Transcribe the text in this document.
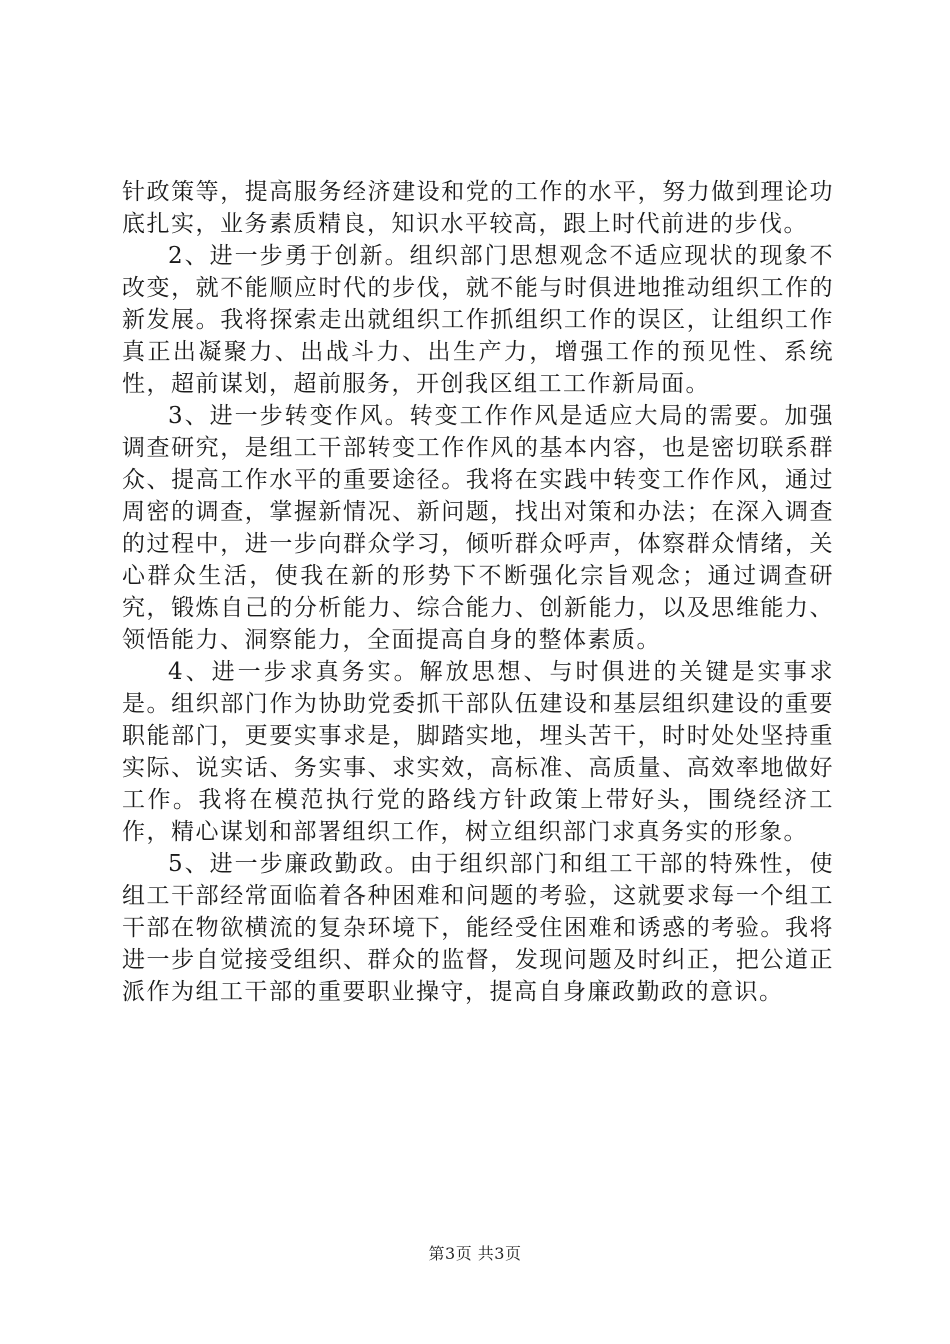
针政策等，提高服务经济建设和党的工作的水平，努力做到理论功底扎实，业务素质精良，知识水平较高，跟上时代前进的步伐。

2、进一步勇于创新。组织部门思想观念不适应现状的现象不改变，就不能顺应时代的步伐，就不能与时俱进地推动组织工作的新发展。我将探索走出就组织工作抓组织工作的误区，让组织工作真正出凝聚力、出战斗力、出生产力，增强工作的预见性、系统性，超前谋划，超前服务，开创我区组工工作新局面。

3、进一步转变作风。转变工作作风是适应大局的需要。加强调查研究，是组工干部转变工作作风的基本内容，也是密切联系群众、提高工作水平的重要途径。我将在实践中转变工作作风，通过周密的调查，掌握新情况、新问题，找出对策和办法；在深入调查的过程中，进一步向群众学习，倾听群众呼声，体察群众情绪，关心群众生活，使我在新的形势下不断强化宗旨观念；通过调查研究，锻炼自己的分析能力、综合能力、创新能力，以及思维能力、领悟能力、洞察能力，全面提高自身的整体素质。

4、进一步求真务实。解放思想、与时俱进的关键是实事求是。组织部门作为协助党委抓干部队伍建设和基层组织建设的重要职能部门，更要实事求是，脚踏实地，埋头苦干，时时处处坚持重实际、说实话、务实事、求实效，高标准、高质量、高效率地做好工作。我将在模范执行党的路线方针政策上带好头，围绕经济工作，精心谋划和部署组织工作，树立组织部门求真务实的形象。

5、进一步廉政勤政。由于组织部门和组工干部的特殊性，使组工干部经常面临着各种困难和问题的考验，这就要求每一个组工干部在物欲横流的复杂环境下，能经受住困难和诱惑的考验。我将进一步自觉接受组织、群众的监督，发现问题及时纠正，把公道正派作为组工干部的重要职业操守，提高自身廉政勤政的意识。

第3页 共3页
